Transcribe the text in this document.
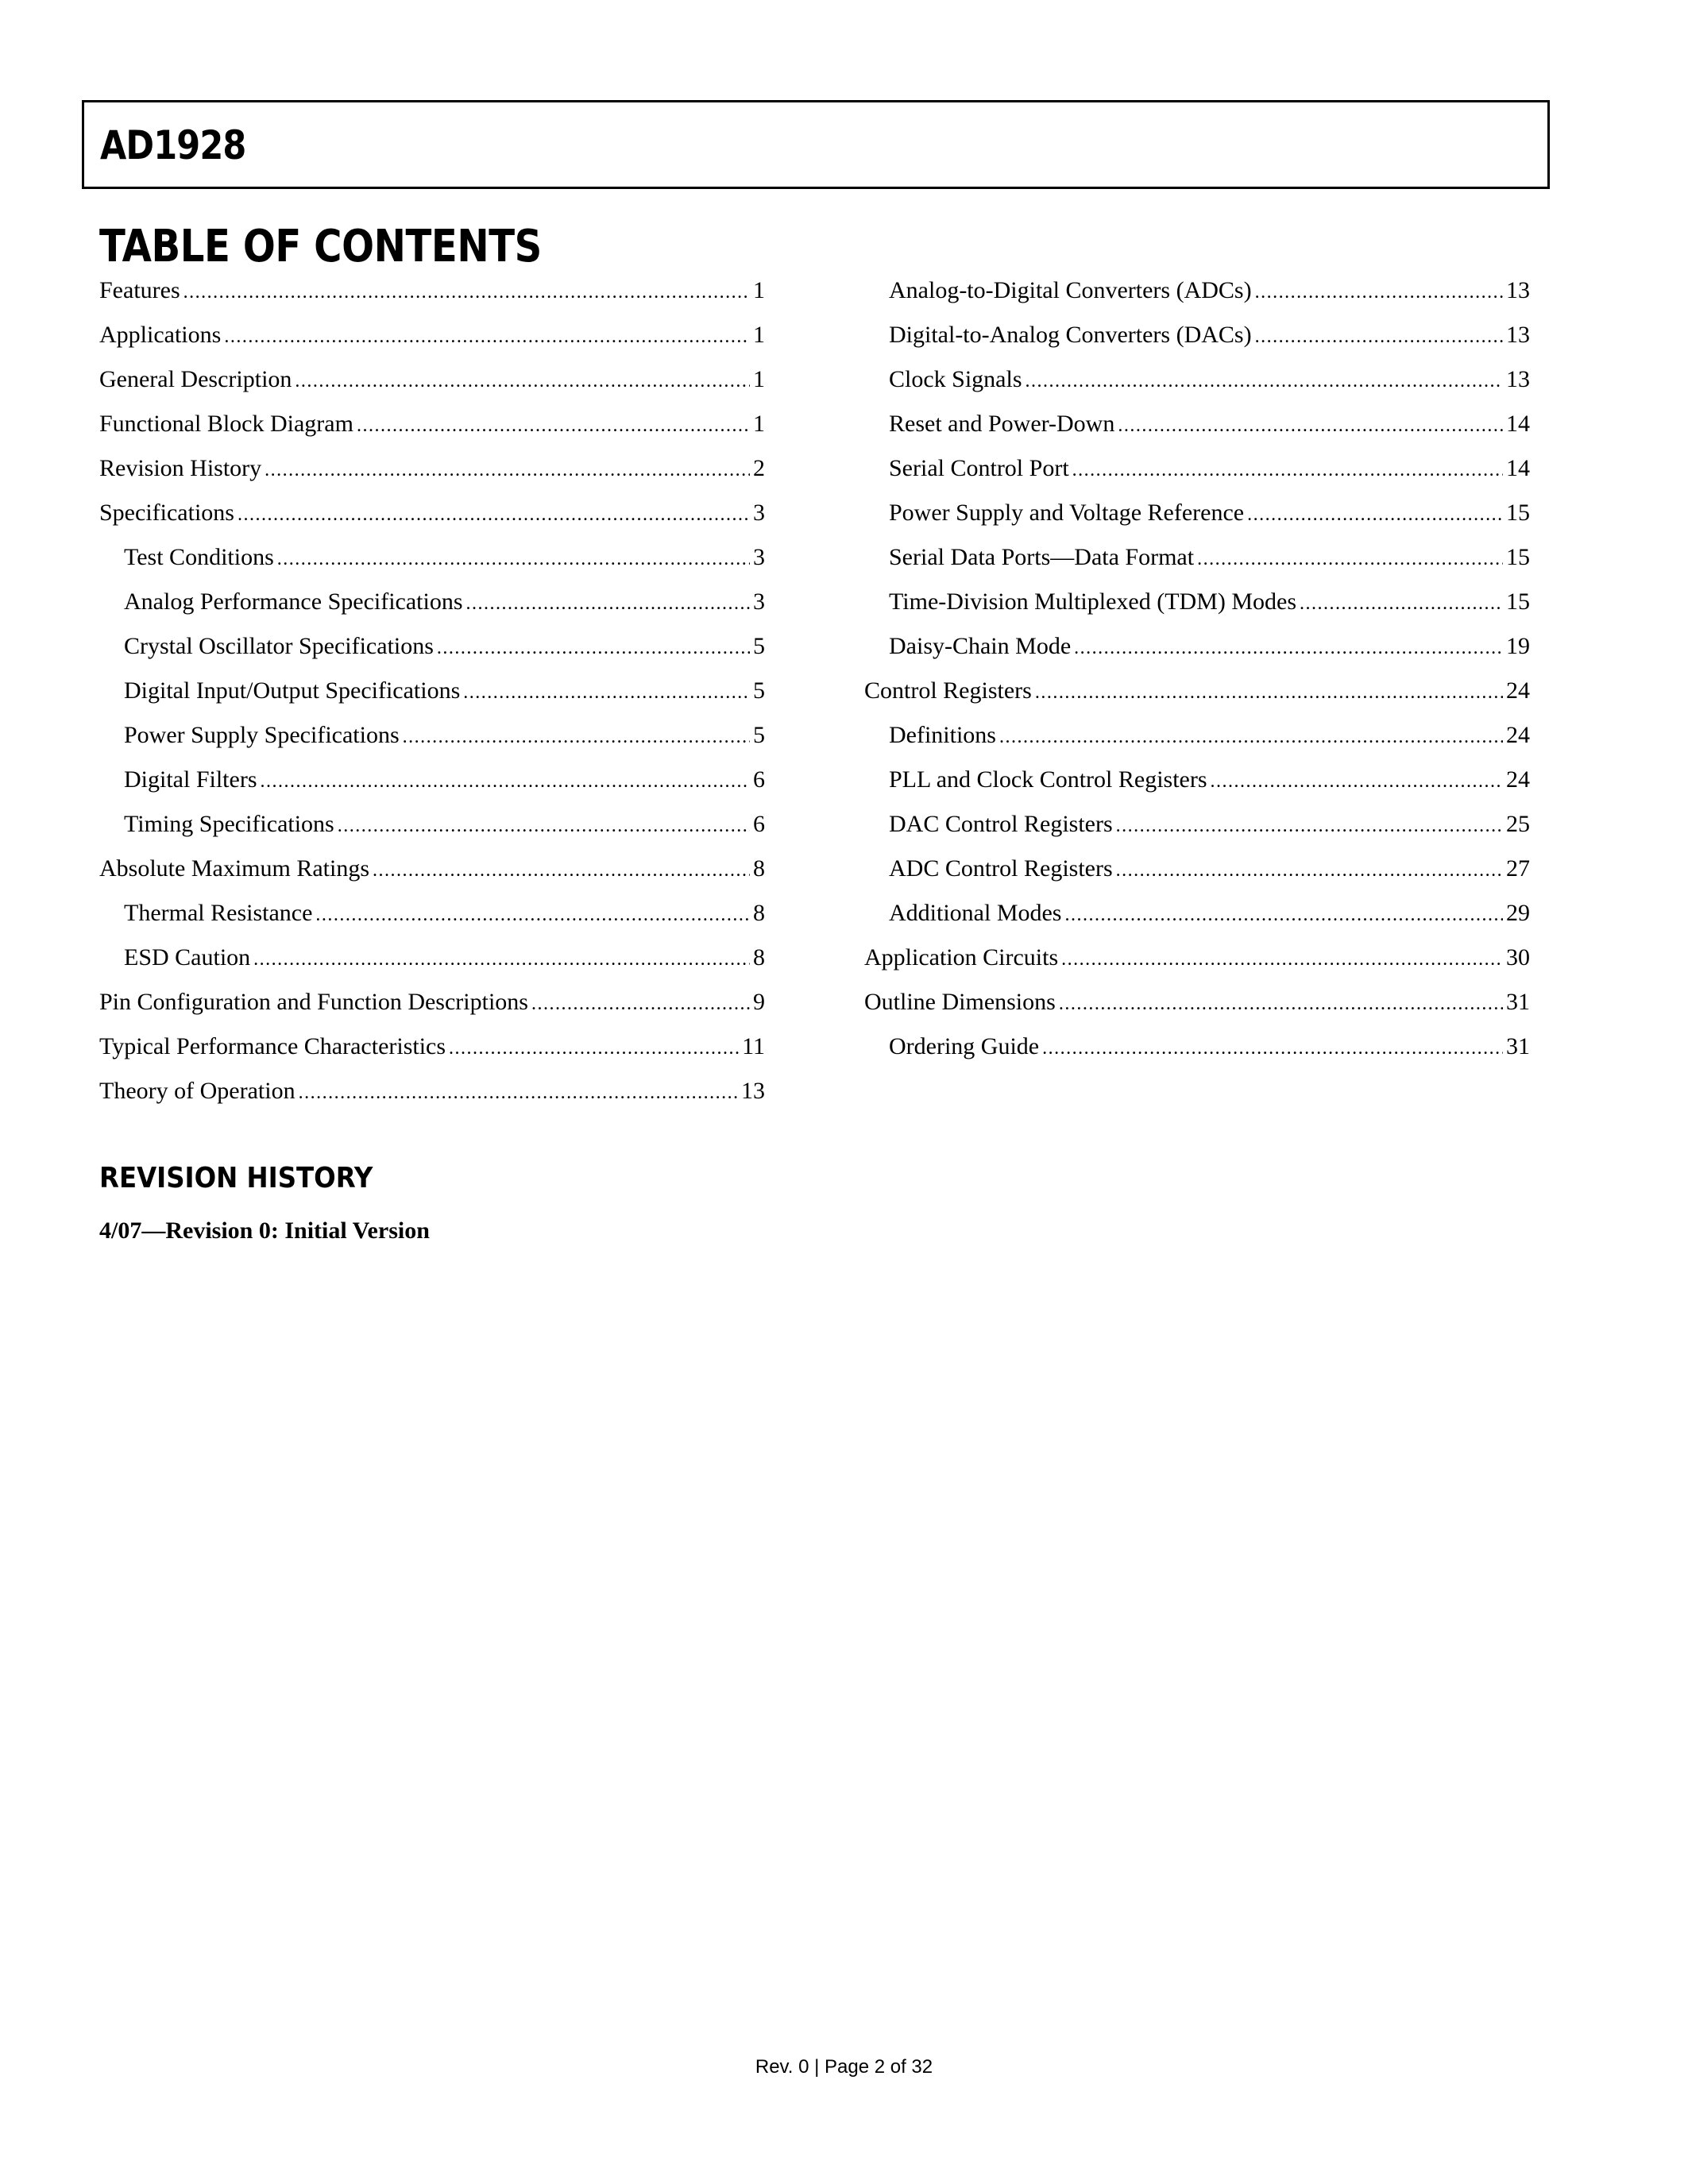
AD1928
TABLE OF CONTENTS
Features .....	1
Applications .....	1
General Description .....	1
Functional Block Diagram .....	1
Revision History .....	2
Specifications .....	3
Test Conditions .....	3
Analog Performance Specifications .....	3
Crystal Oscillator Specifications .....	5
Digital Input/Output Specifications .....	5
Power Supply Specifications .....	5
Digital Filters .....	6
Timing Specifications .....	6
Absolute Maximum Ratings .....	8
Thermal Resistance .....	8
ESD Caution .....	8
Pin Configuration and Function Descriptions .....	9
Typical Performance Characteristics .....	11
Theory of Operation .....	13
Analog-to-Digital Converters (ADCs) .....	13
Digital-to-Analog Converters (DACs) .....	13
Clock Signals .....	13
Reset and Power-Down .....	14
Serial Control Port .....	14
Power Supply and Voltage Reference .....	15
Serial Data Ports—Data Format .....	15
Time-Division Multiplexed (TDM) Modes .....	15
Daisy-Chain Mode .....	19
Control Registers .....	24
Definitions .....	24
PLL and Clock Control Registers .....	24
DAC Control Registers .....	25
ADC Control Registers .....	27
Additional Modes .....	29
Application Circuits .....	30
Outline Dimensions .....	31
Ordering Guide .....	31
REVISION HISTORY
4/07—Revision 0: Initial Version
Rev. 0 | Page 2 of 32
